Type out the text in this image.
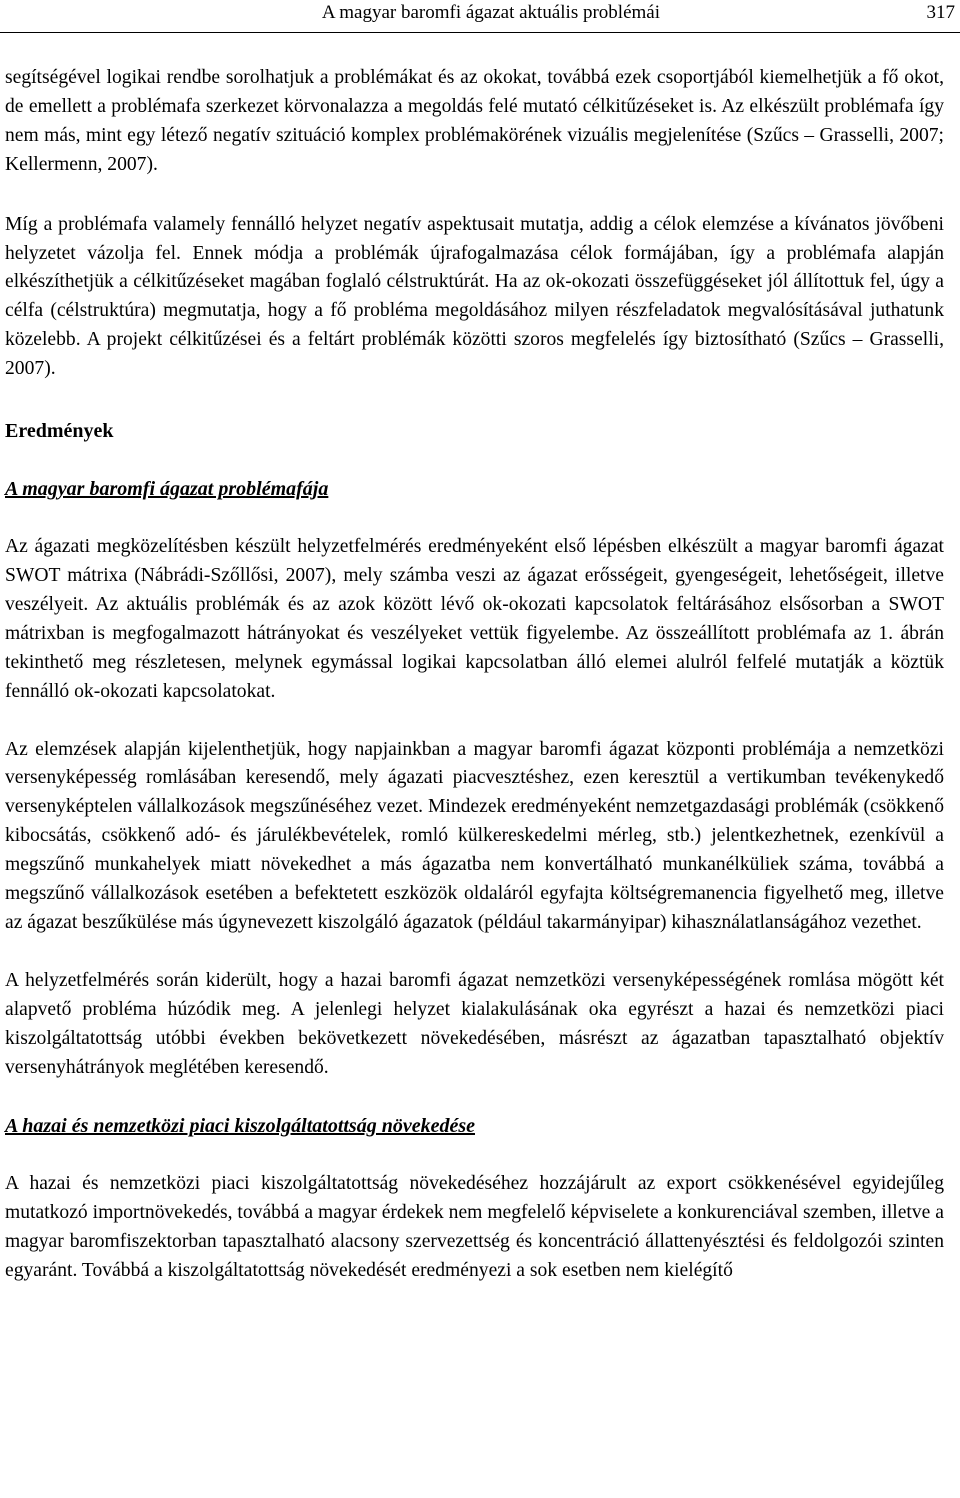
A magyar baromfi ágazat aktuális problémái	317

segítségével logikai rendbe sorolhatjuk a problémákat és az okokat, továbbá ezek csoportjából kiemelhetjük a fő okot, de emellett a problémafa szerkezet körvonalazza a megoldás felé mutató célkitűzéseket is. Az elkészült problémafa így nem más, mint egy létező negatív szituáció komplex problémakörének vizuális megjelenítése (Szűcs – Grasselli, 2007; Kellermenn, 2007).

Míg a problémafa valamely fennálló helyzet negatív aspektusait mutatja, addig a célok elemzése a kívánatos jövőbeni helyzetet vázolja fel. Ennek módja a problémák újrafogalmazása célok formájában, így a problémafa alapján elkészíthetjük a célkitűzéseket magában foglaló célstruktúrát. Ha az ok-okozati összefüggéseket jól állítottuk fel, úgy a célfa (célstruktúra) megmutatja, hogy a fő probléma megoldásához milyen részfeladatok megvalósításával juthatunk közelebb. A projekt célkitűzései és a feltárt problémák közötti szoros megfelelés így biztosítható (Szűcs – Grasselli, 2007).

Eredmények
A magyar baromfi ágazat problémafája

Az ágazati megközelítésben készült helyzetfelmérés eredményeként első lépésben elkészült a magyar baromfi ágazat SWOT mátrixa (Nábrádi-Szőllősi, 2007), mely számba veszi az ágazat erősségeit, gyengeségeit, lehetőségeit, illetve veszélyeit. Az aktuális problémák és az azok között lévő ok-okozati kapcsolatok feltárásához elsősorban a SWOT mátrixban is megfogalmazott hátrányokat és veszélyeket vettük figyelembe. Az összeállított problémafa az 1. ábrán tekinthető meg részletesen, melynek egymással logikai kapcsolatban álló elemei alulról felfelé mutatják a köztük fennálló ok-okozati kapcsolatokat.

Az elemzések alapján kijelenthetjük, hogy napjainkban a magyar baromfi ágazat központi problémája a nemzetközi versenyképesség romlásában keresendő, mely ágazati piacvesztéshez, ezen keresztül a vertikumban tevékenykedő versenyképtelen vállalkozások megszűnéséhez vezet. Mindezek eredményeként nemzetgazdasági problémák (csökkenő kibocsátás, csökkenő adó- és járulékbevételek, romló külkereskedelmi mérleg, stb.) jelentkezhetnek, ezenkívül a megszűnő munkahelyek miatt növekedhet a más ágazatba nem konvertálható munkanélküliek száma, továbbá a megszűnő vállalkozások esetében a befektetett eszközök oldaláról egyfajta költségremanencia figyelhető meg, illetve az ágazat beszűkülése más úgynevezett kiszolgáló ágazatok (például takarmányipar) kihasználatlanságához vezethet.

A helyzetfelmérés során kiderült, hogy a hazai baromfi ágazat nemzetközi versenyképességének romlása mögött két alapvető probléma húzódik meg. A jelenlegi helyzet kialakulásának oka egyrészt a hazai és nemzetközi piaci kiszolgáltatottság utóbbi években bekövetkezett növekedésében, másrészt az ágazatban tapasztalható objektív versenyhátrányok meglétében keresendő.

A hazai és nemzetközi piaci kiszolgáltatottság növekedése

A hazai és nemzetközi piaci kiszolgáltatottság növekedéséhez hozzájárult az export csökkenésével egyidejűleg mutatkozó importnövekedés, továbbá a magyar érdekek nem megfelelő képviselete a konkurenciával szemben, illetve a magyar baromfiszektorban tapasztalható alacsony szervezettség és koncentráció állattenyésztési és feldolgozói szinten egyaránt. Továbbá a kiszolgáltatottság növekedését eredményezi a sok esetben nem kielégítő
